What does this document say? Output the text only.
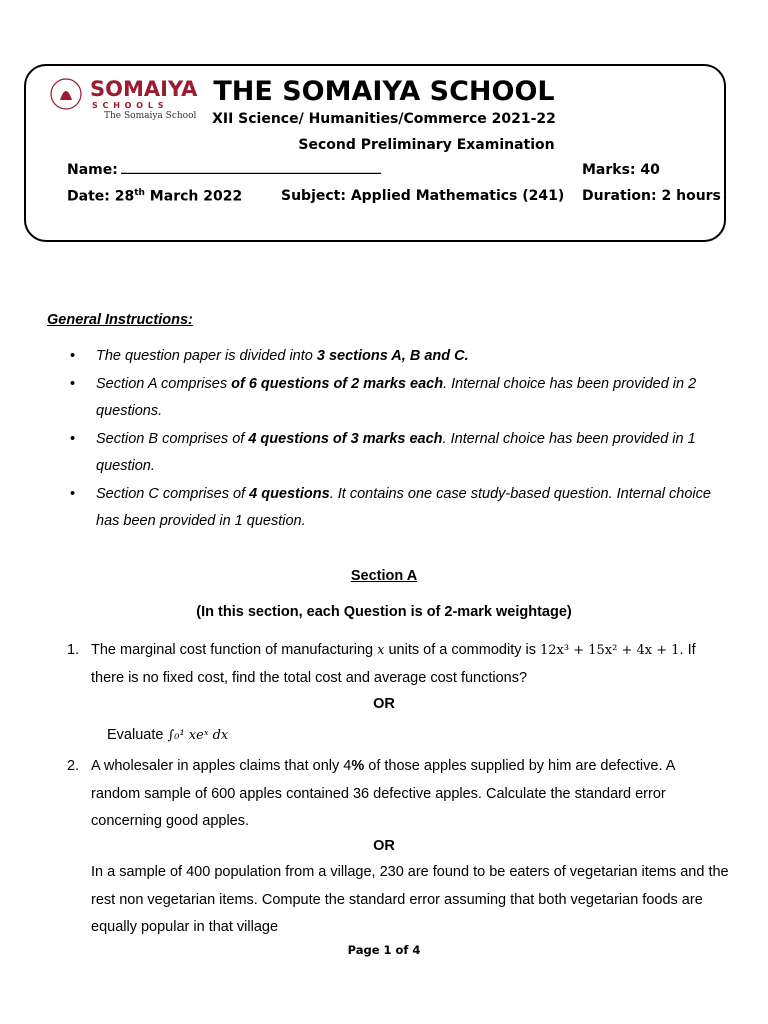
SOMAIYA
S C H O O L S
The Somaiya School
THE SOMAIYA SCHOOL
XII Science/ Humanities/Commerce 2021-22
Second Preliminary Examination
Name: ________________________________________	Marks: 40
Date: 28th March 2022	Subject: Applied Mathematics (241) Duration: 2 hours
General Instructions:
• The question paper is divided into 3 sections A, B and C.
• Section A comprises of 6 questions of 2 marks each. Internal choice has been provided in 2 questions.
• Section B comprises of 4 questions of 3 marks each. Internal choice has been provided in 1 question.
• Section C comprises of 4 questions. It contains one case study-based question. Internal choice has been provided in 1 question.
Section A
(In this section, each Question is of 2-mark weightage)
1. The marginal cost function of manufacturing x units of a commodity is 12x³ + 15x² + 4x + 1. If there is no fixed cost, find the total cost and average cost functions?
OR
Evaluate ∫₀¹ xeˣ dx
2. A wholesaler in apples claims that only 4% of those apples supplied by him are defective. A random sample of 600 apples contained 36 defective apples. Calculate the standard error concerning good apples.
OR
In a sample of 400 population from a village, 230 are found to be eaters of vegetarian items and the rest non vegetarian items. Compute the standard error assuming that both vegetarian foods are equally popular in that village
Page 1 of 4
